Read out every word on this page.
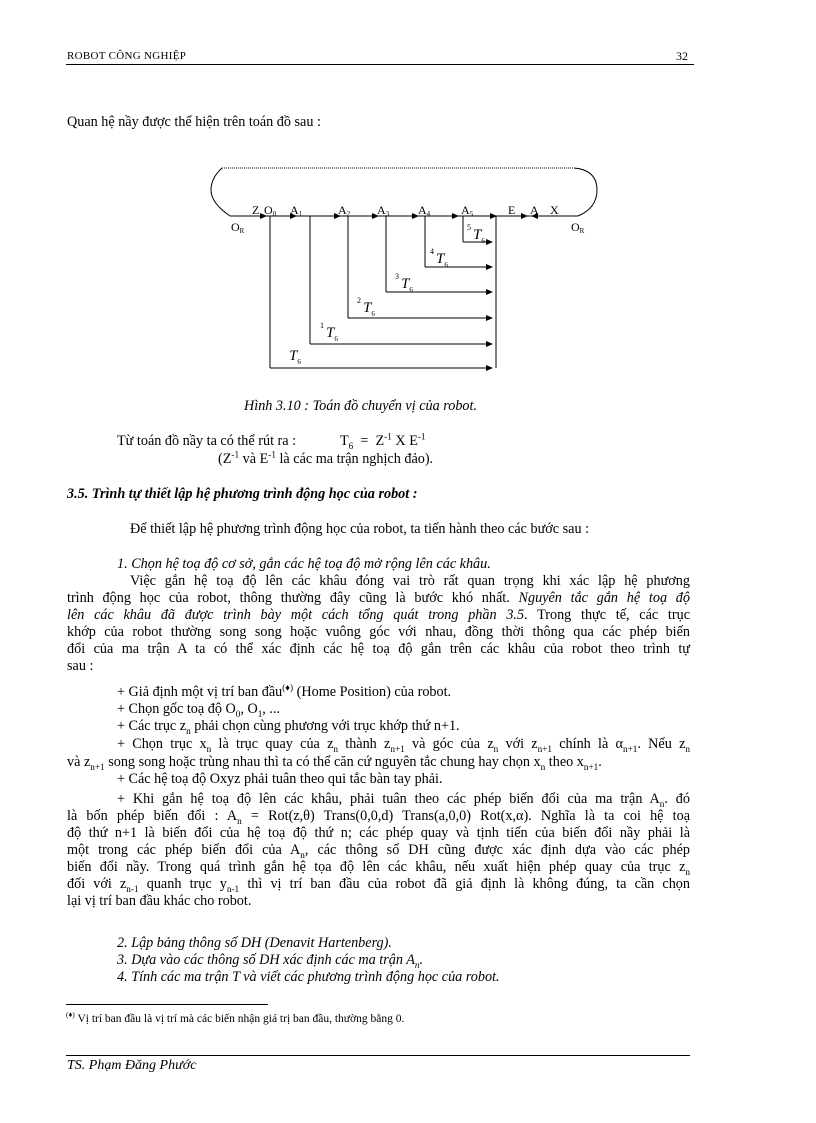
ROBOT CÔNG NGHIỆP	32
Quan hệ nầy được thể hiện trên toán đồ sau :
Z O0 A1	A2 A3 A4	A5	E A X
OR	OR
5 $T_6$
4 $T_6$
3 $T_6$
2 $T_6$
1 $T_6$
$T_6$
Hình 3.10 : Toán đồ chuyển vị của robot.
Từ toán đồ nầy ta có thể rút ra :	$T_6 = Z^{-1}$ X $E^{-1}$
($Z^{-1}$ và $E^{-1}$ là các ma trận nghịch đảo).
3.5. Trình tự thiết lập hệ phương trình động học của robot :
Để thiết lập hệ phương trình động học của robot, ta tiến hành theo các bước sau :
1. Chọn hệ toạ độ cơ sở, gắn các hệ toạ độ mở rộng lên các khâu.
Việc gắn hệ toạ độ lên các khâu đóng vai trò rất quan trọng khi xác lập hệ phương
trình động học của robot, thông thường đây cũng là bước khó nhất. Nguyên tắc gắn hệ toạ độ
lên các khâu đã được trình bày một cách tổng quát trong phần 3.5. Trong thực tế, các trục
khớp của robot thường song song hoặc vuông góc với nhau, đồng thời thông qua các phép biến
đổi của ma trận A ta có thể xác định các hệ toạ độ gắn trên các khâu của robot theo trình tự
sau :
+ Giả định một vị trí ban đầu(♦) (Home Position) của robot.
+ Chọn gốc toạ độ $O_0$, $O_1$, ...
+ Các trục $z_n$ phải chọn cùng phương với trục khớp thứ n+1.
+ Chọn trục $x_n$ là trục quay của $z_n$ thành $z_{n+1}$ và góc của $z_n$ với $z_{n+1}$ chính là $\alpha_{n+1}$. Nếu $z_n$
và $z_{n+1}$ song song hoặc trùng nhau thì ta có thể căn cứ nguyên tắc chung hay chọn $x_n$ theo $x_{n+1}$.
+ Các hệ toạ độ Oxyz phải tuân theo qui tắc bàn tay phải.
+ Khi gắn hệ toạ độ lên các khâu, phải tuân theo các phép biến đổi của ma trận $A_n$. đó
là bốn phép biến đổi : $A_n = Rot(z,\theta)$ Trans(0,0,d) Trans(a,0,0) Rot(x,α). Nghĩa là ta coi hệ toạ
độ thứ n+1 là biến đổi của hệ toạ độ thứ n; các phép quay và tịnh tiến của biến đổi nầy phải là
một trong các phép biến đổi của $A_n$, các thông số DH cũng được xác định dựa vào các phép
biến đổi nầy. Trong quá trình gắn hệ tọa độ lên các khâu, nếu xuất hiện phép quay của trục $z_n$
đối với $z_{n-1}$ quanh trục $y_{n-1}$ thì vị trí ban đầu của robot đã giả định là không đúng, ta cần chọn
lại vị trí ban đầu khác cho robot.
2. Lập bảng thông số DH (Denavit Hartenberg).
3. Dựa vào các thông số DH xác định các ma trận $A_n$.
4. Tính các ma trận T và viết các phương trình động học của robot.
(♦) Vị trí ban đầu là vị trí mà các biến nhận giá trị ban đầu, thường bằng 0.
TS. Phạm Đăng Phước
